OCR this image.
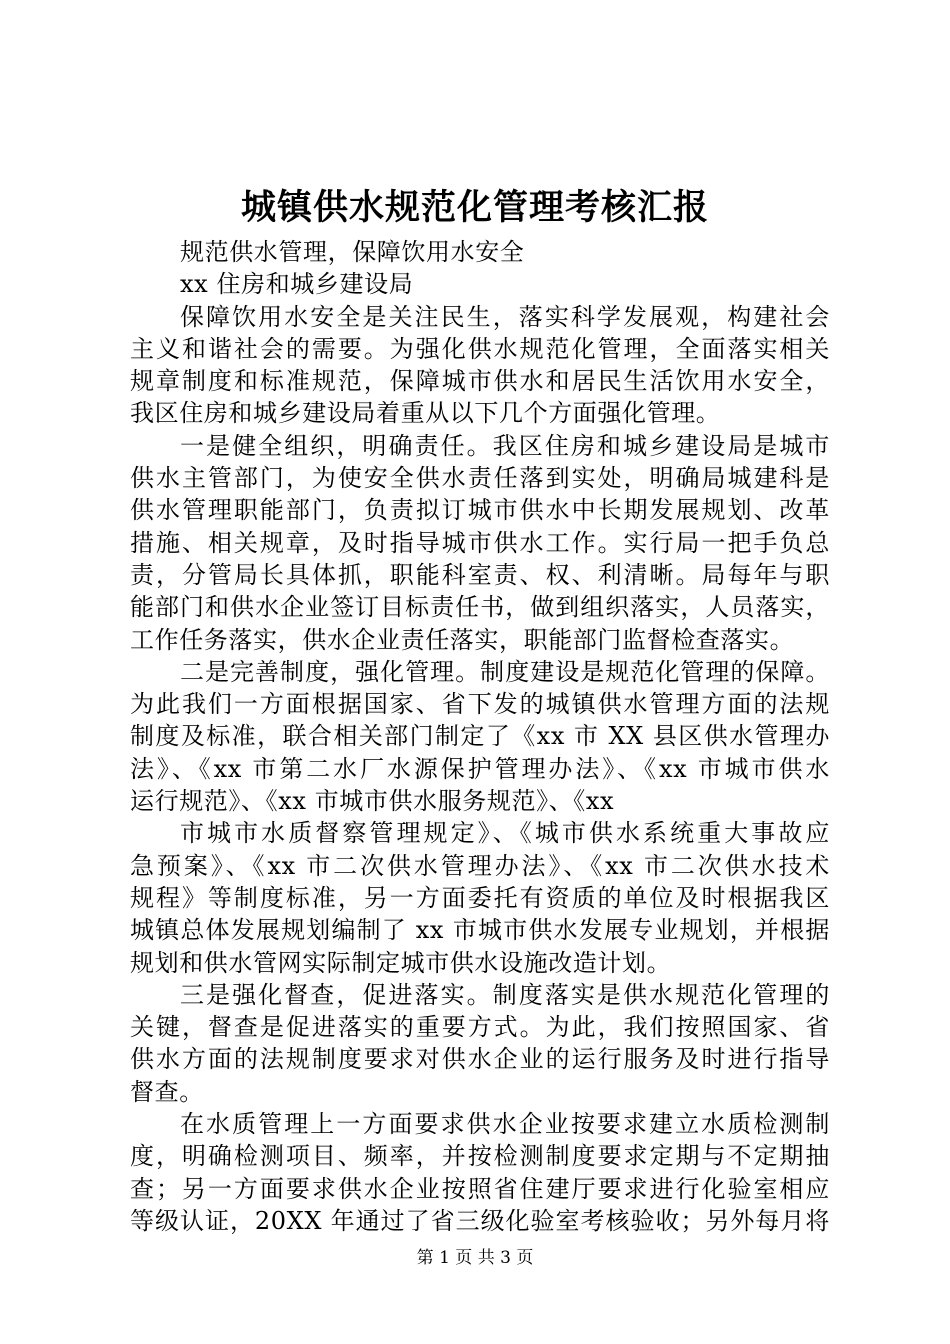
城镇供水规范化管理考核汇报
规范供水管理，保障饮用水安全
xx 住房和城乡建设局
保障饮用水安全是关注民生，落实科学发展观，构建社会
主义和谐社会的需要。为强化供水规范化管理，全面落实相关
规章制度和标准规范，保障城市供水和居民生活饮用水安全，
我区住房和城乡建设局着重从以下几个方面强化管理。
一是健全组织，明确责任。我区住房和城乡建设局是城市
供水主管部门，为使安全供水责任落到实处，明确局城建科是
供水管理职能部门，负责拟订城市供水中长期发展规划、改革
措施、相关规章，及时指导城市供水工作。实行局一把手负总
责，分管局长具体抓，职能科室责、权、利清晰。局每年与职
能部门和供水企业签订目标责任书，做到组织落实，人员落实，
工作任务落实，供水企业责任落实，职能部门监督检查落实。
二是完善制度，强化管理。制度建设是规范化管理的保障。
为此我们一方面根据国家、省下发的城镇供水管理方面的法规
制度及标准，联合相关部门制定了《xx 市 XX 县区供水管理办
法》、《xx 市第二水厂水源保护管理办法》、《xx 市城市供水
运行规范》、《xx 市城市供水服务规范》、《xx
市城市水质督察管理规定》、《城市供水系统重大事故应
急预案》、《xx 市二次供水管理办法》、《xx 市二次供水技术
规程》等制度标准，另一方面委托有资质的单位及时根据我区
城镇总体发展规划编制了 xx 市城市供水发展专业规划，并根据
规划和供水管网实际制定城市供水设施改造计划。
三是强化督查，促进落实。制度落实是供水规范化管理的
关键，督查是促进落实的重要方式。为此，我们按照国家、省
供水方面的法规制度要求对供水企业的运行服务及时进行指导
督查。
在水质管理上一方面要求供水企业按要求建立水质检测制
度，明确检测项目、频率，并按检测制度要求定期与不定期抽
查；另一方面要求供水企业按照省住建厅要求进行化验室相应
等级认证，20XX 年通过了省三级化验室考核验收；另外每月将
第 1 页 共 3 页
